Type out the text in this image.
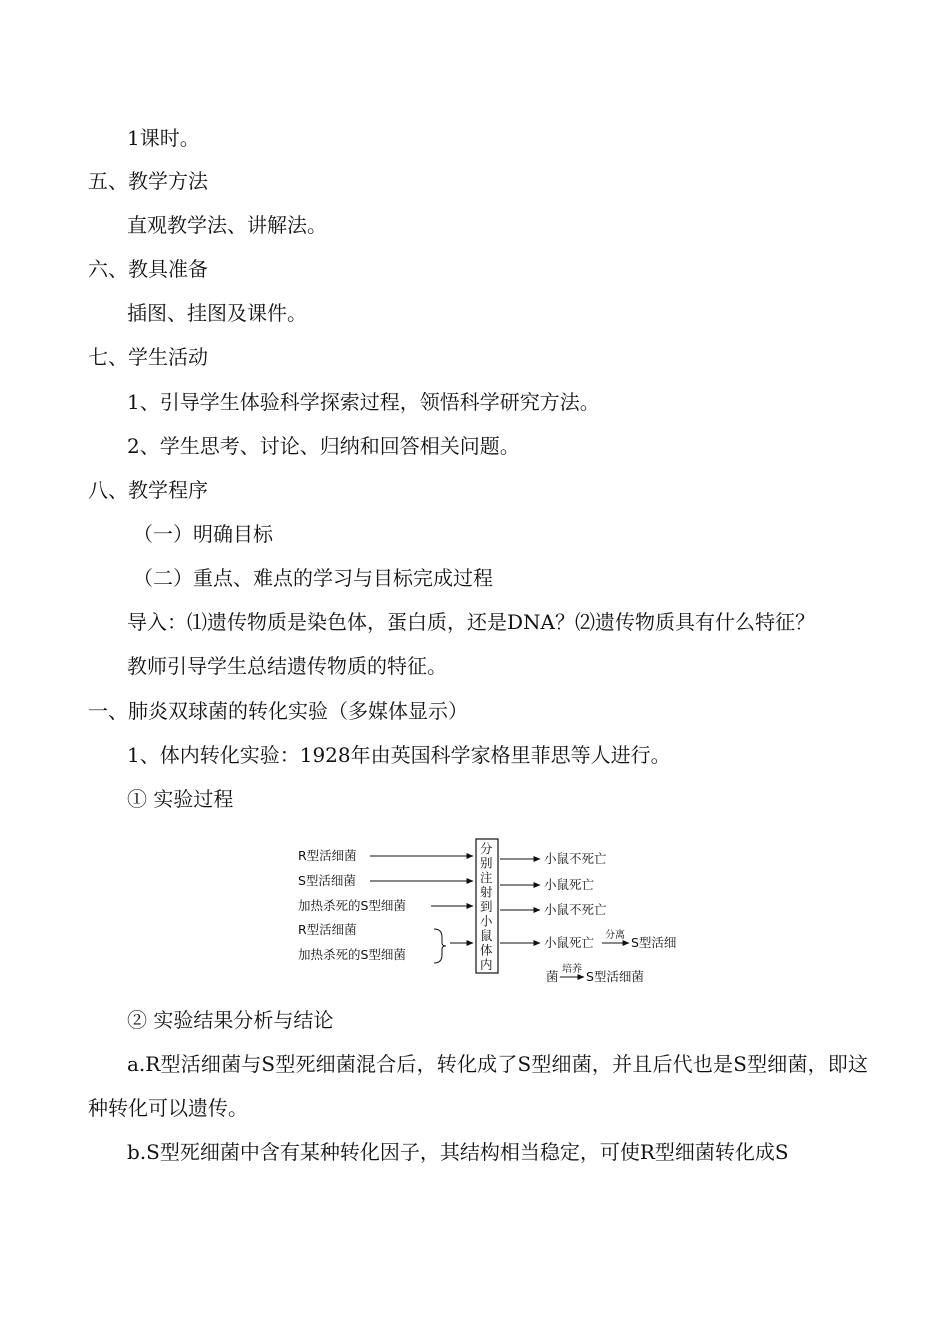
1课时。
五、教学方法
直观教学法、讲解法。
六、教具准备
插图、挂图及课件。
七、学生活动
1、引导学生体验科学探索过程，领悟科学研究方法。
2、学生思考、讨论、归纳和回答相关问题。
八、教学程序
（一）明确目标
（二）重点、难点的学习与目标完成过程
导入：⑴遗传物质是染色体，蛋白质，还是DNA？⑵遗传物质具有什么特征？
教师引导学生总结遗传物质的特征。
一、肺炎双球菌的转化实验（多媒体显示）
1、体内转化实验：1928年由英国科学家格里菲思等人进行。
① 实验过程
R型活细菌
S型活细菌
加热杀死的S型细菌
R型活细菌
加热杀死的S型细菌
分
别
注
射
到
小
鼠
体
内
小鼠不死亡
小鼠死亡
小鼠不死亡
小鼠死亡 分离 S型活细
菌 培养 S型活细菌
② 实验结果分析与结论
a.R型活细菌与S型死细菌混合后，转化成了S型细菌，并且后代也是S型细菌，即这种转化可以遗传。
b.S型死细菌中含有某种转化因子，其结构相当稳定，可使R型细菌转化成S
